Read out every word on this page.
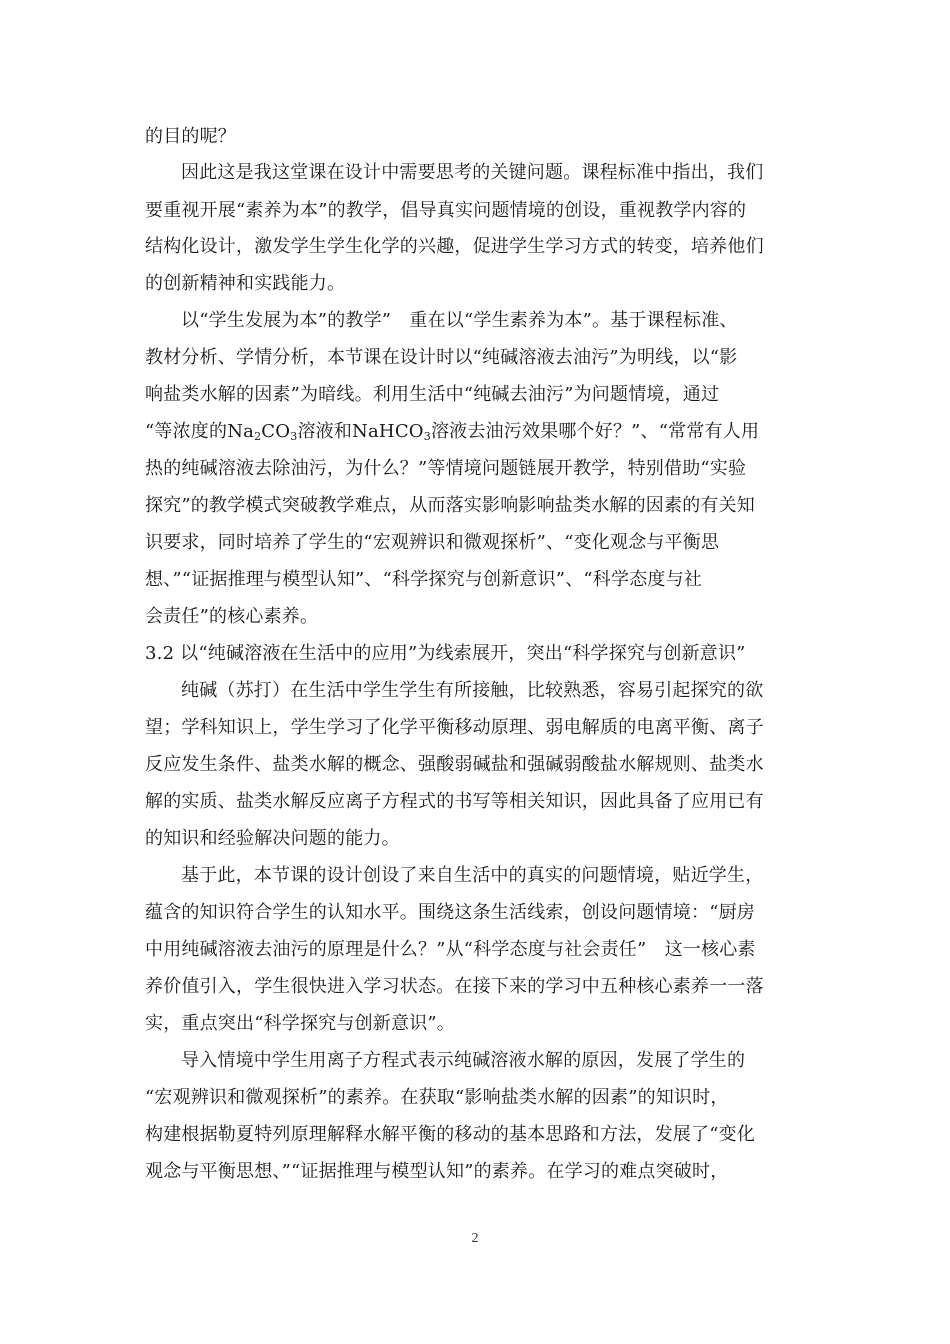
的目的呢？
因此这是我这堂课在设计中需要思考的关键问题。课程标准中指出，我们
要重视开展“素养为本”的教学，倡导真实问题情境的创设，重视教学内容的
结构化设计，激发学生学生化学的兴趣，促进学生学习方式的转变，培养他们
的创新精神和实践能力。
以“学生发展为本”的教学”　重在以“学生素养为本”。基于课程标准、
教材分析、学情分析，本节课在设计时以“纯碱溶液去油污”为明线，以“影
响盐类水解的因素”为暗线。利用生活中“纯碱去油污”为问题情境，通过
“等浓度的$Na_2CO_3$溶液和NaHCO$_3$溶液去油污效果哪个好？”、“常常有人用
热的纯碱溶液去除油污，为什么？”等情境问题链展开教学，特别借助“实验
探究”的教学模式突破教学难点，从而落实影响影响盐类水解的因素的有关知
识要求，同时培养了学生的“宏观辨识和微观探析”、“变化观念与平衡思
想、”“证据推理与模型认知”、“科学探究与创新意识”、“科学态度与社
会责任”的核心素养。
3.2 以“纯碱溶液在生活中的应用”为线索展开，突出“科学探究与创新意识”
纯碱（苏打）在生活中学生学生有所接触，比较熟悉，容易引起探究的欲
望；学科知识上，学生学习了化学平衡移动原理、弱电解质的电离平衡、离子
反应发生条件、盐类水解的概念、强酸弱碱盐和强碱弱酸盐水解规则、盐类水
解的实质、盐类水解反应离子方程式的书写等相关知识，因此具备了应用已有
的知识和经验解决问题的能力。
基于此，本节课的设计创设了来自生活中的真实的问题情境，贴近学生，
蕴含的知识符合学生的认知水平。围绕这条生活线索，创设问题情境：“厨房
中用纯碱溶液去油污的原理是什么？”从“科学态度与社会责任”　这一核心素
养价值引入，学生很快进入学习状态。在接下来的学习中五种核心素养一一落
实，重点突出“科学探究与创新意识”。
导入情境中学生用离子方程式表示纯碱溶液水解的原因，发展了学生的
“宏观辨识和微观探析”的素养。在获取“影响盐类水解的因素”的知识时，
构建根据勒夏特列原理解释水解平衡的移动的基本思路和方法，发展了“变化
观念与平衡思想、”“证据推理与模型认知”的素养。在学习的难点突破时，
2
